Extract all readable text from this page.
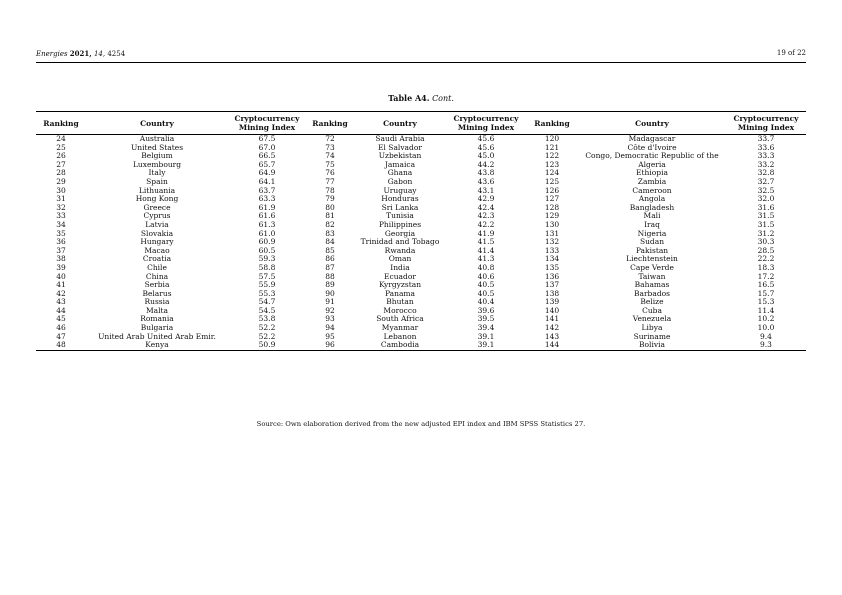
Energies 2021, 14, 4254	19 of 22
Table A4. Cont.
Ranking	Country	Cryptocurrency Mining Index	Ranking	Country	Cryptocurrency Mining Index	Ranking	Country	Cryptocurrency Mining Index
24	Australia	67.5	72	Saudi Arabia	45.6	120	Madagascar	33.7
25	United States	67.0	73	El Salvador	45.6	121	Côte d'Ivoire	33.6
26	Belgium	66.5	74	Uzbekistan	45.0	122	Congo, Democratic Republic of the	33.3
27	Luxembourg	65.7	75	Jamaica	44.2	123	Algeria	33.2
28	Italy	64.9	76	Ghana	43.8	124	Ethiopia	32.8
29	Spain	64.1	77	Gabon	43.6	125	Zambia	32.7
30	Lithuania	63.7	78	Uruguay	43.1	126	Cameroon	32.5
31	Hong Kong	63.3	79	Honduras	42.9	127	Angola	32.0
32	Greece	61.9	80	Sri Lanka	42.4	128	Bangladesh	31.6
33	Cyprus	61.6	81	Tunisia	42.3	129	Mali	31.5
34	Latvia	61.3	82	Philippines	42.2	130	Iraq	31.5
35	Slovakia	61.0	83	Georgia	41.9	131	Nigeria	31.2
36	Hungary	60.9	84	Trinidad and Tobago	41.5	132	Sudan	30.3
37	Macao	60.5	85	Rwanda	41.4	133	Pakistan	28.5
38	Croatia	59.3	86	Oman	41.3	134	Liechtenstein	22.2
39	Chile	58.8	87	India	40.8	135	Cape Verde	18.3
40	China	57.5	88	Ecuador	40.6	136	Taiwan	17.2
41	Serbia	55.9	89	Kyrgyzstan	40.5	137	Bahamas	16.5
42	Belarus	55.3	90	Panama	40.5	138	Barbados	15.7
43	Russia	54.7	91	Bhutan	40.4	139	Belize	15.3
44	Malta	54.5	92	Morocco	39.6	140	Cuba	11.4
45	Romania	53.8	93	South Africa	39.5	141	Venezuela	10.2
46	Bulgaria	52.2	94	Myanmar	39.4	142	Libya	10.0
47	United Arab United Arab Emir.	52.2	95	Lebanon	39.1	143	Suriname	9.4
48	Kenya	50.9	96	Cambodia	39.1	144	Bolivia	9.3
Source: Own elaboration derived from the new adjusted EPI index and IBM SPSS Statistics 27.
